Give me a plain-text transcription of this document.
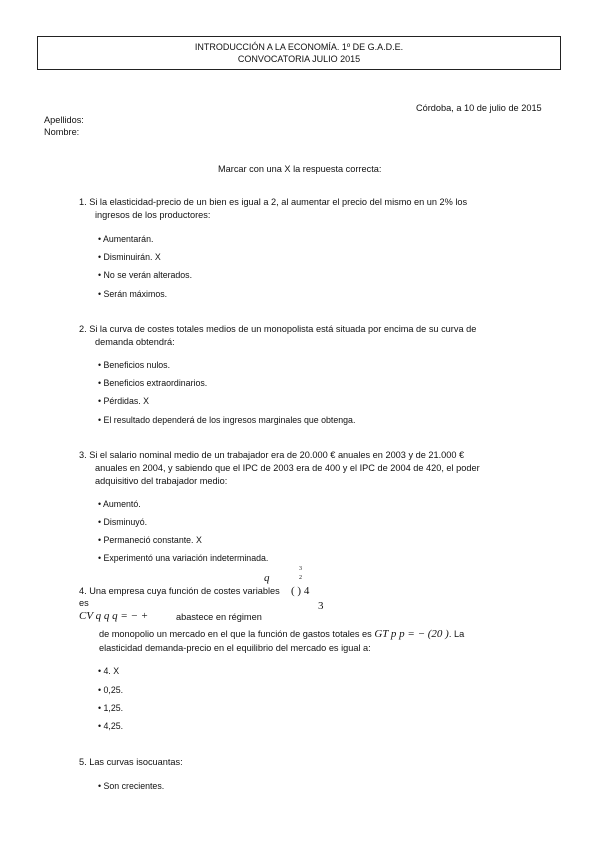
INTRODUCCIÓN A LA ECONOMÍA. 1º DE G.A.D.E.
CONVOCATORIA JULIO 2015
Córdoba, a 10 de julio de 2015
Apellidos:
Nombre:
Marcar con una X la respuesta correcta:
1. Si la elasticidad-precio de un bien es igual a 2, al aumentar el precio del mismo en un 2% los
ingresos de los productores:
• Aumentarán.
• Disminuirán. X
• No se verán alterados.
• Serán máximos.
2. Si la curva de costes totales medios de un monopolista está situada por encima de su curva de
demanda obtendrá:
• Beneficios nulos.
• Beneficios extraordinarios.
• Pérdidas. X
• El resultado dependerá de los ingresos marginales que obtenga.
3. Si el salario nominal medio de un trabajador era de 20.000 € anuales en 2003 y de 21.000 €
anuales en 2004, y sabiendo que el IPC de 2003 era de 400 y el IPC de 2004 de 420, el poder
adquisitivo del trabajador medio:
• Aumentó.
• Disminuyó.
• Permaneció constante. X
• Experimentó una variación indeterminada.
q
3
2
4. Una empresa cuya función de costes variables ( ) 4
es	3
CV q q q = − +	abastece en régimen
de monopolio un mercado en el que la función de gastos totales es GT p p = − (20 ). La
elasticidad demanda-precio en el equilibrio del mercado es igual a:
• 4. X
• 0,25.
• 1,25.
• 4,25.
5. Las curvas isocuantas:
• Son crecientes.
